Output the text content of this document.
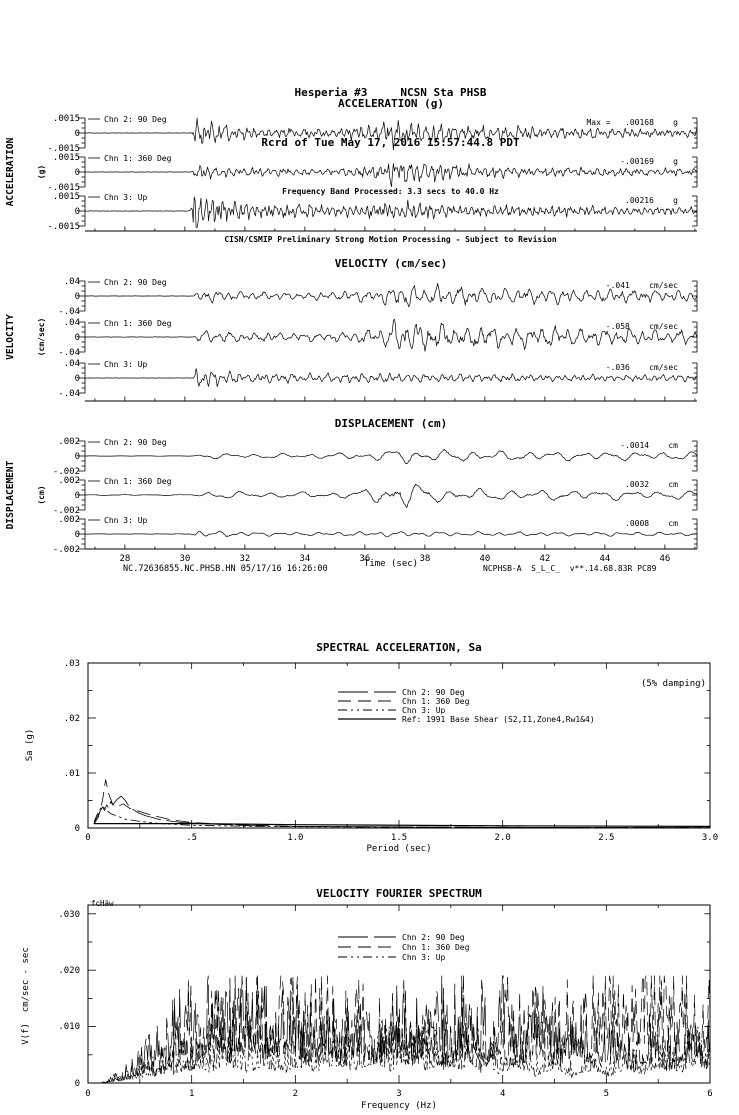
Hesperia #3     NCSN Sta PHSB

Rcrd of Tue May 17, 2016 15:57:44.8 PDT

Frequency Band Processed: 3.3 secs to 40.0 Hz

CISN/CSMIP Preliminary Strong Motion Processing - Subject to Revision

ACCELERATION (g)
ACCELERATION	(g)
.0015
0
-.0015
Chn 2: 90 Deg	Max =   .00168    g
.0015
0
-.0015
Chn 1: 360 Deg	-.00169    g
.0015
0
-.0015
Chn 3: Up	.00216    g
VELOCITY (cm/sec)
VELOCITY	(cm/sec)
.04
0
-.04
Chn 2: 90 Deg	-.041    cm/sec
.04
0
-.04
Chn 1: 360 Deg	-.058    cm/sec
.04
0
-.04
Chn 3: Up	-.036    cm/sec
DISPLACEMENT (cm)
DISPLACEMENT	(cm)
.002
0
-.002
Chn 2: 90 Deg	-.0014    cm
.002
0
-.002
Chn 1: 360 Deg	.0032    cm
.002
0
-.002
Chn 3: Up	.0008    cm
28	30	32	34	36	38	40	42	44	46
Time (sec)
NC.72636855.NC.PHSB.HN 05/17/16 16:26:00	NCPHSB-A  S_L_C_  v**.14.68.83R PC89
SPECTRAL ACCELERATION, Sa
.03
.02
.01
0
0	.5	1.0	1.5	2.0	2.5	3.0
Period (sec)
Sa (g)
(5% damping)
Chn 2: 90 Deg
Chn 1: 360 Deg
Chn 3: Up
Ref: 1991 Base Shear (S2,I1,Zone4,Rw1&4)
VELOCITY FOURIER SPECTRUM
fcHäw
.030
.020
.010
0
0	1	2	3	4	5	6
Frequency (Hz)
V(f)  cm/sec - sec
Chn 2: 90 Deg
Chn 1: 360 Deg
Chn 3: Up
